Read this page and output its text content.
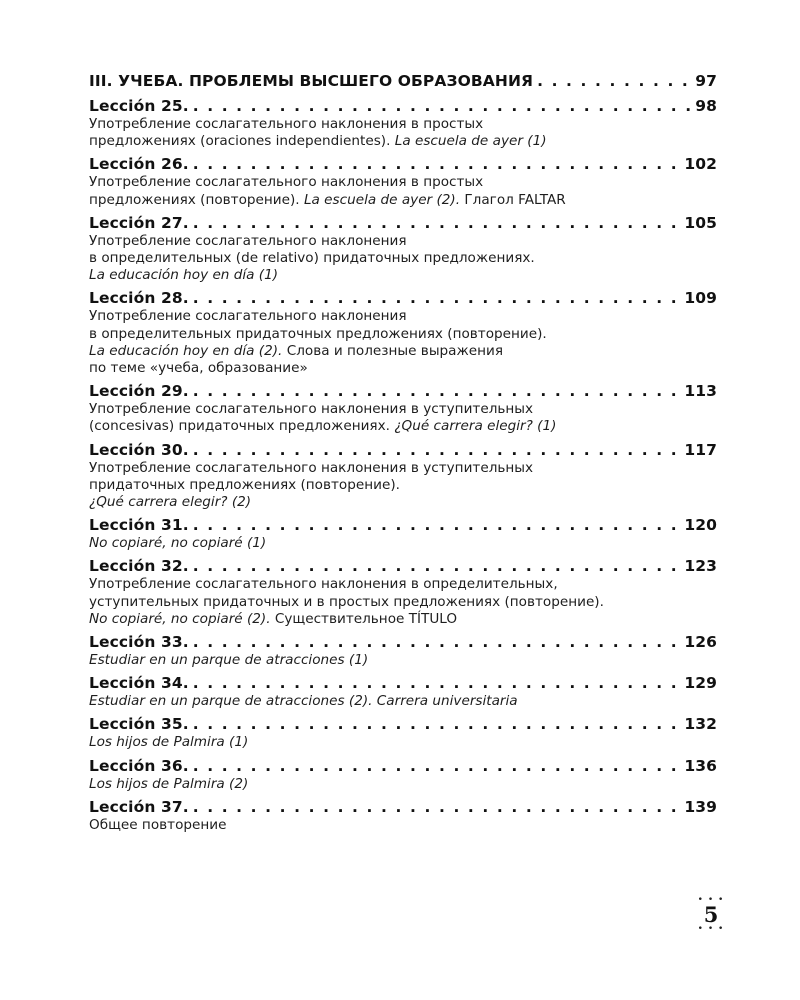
III. УЧЕБА. ПРОБЛЕМЫ ВЫСШЕГО ОБРАЗОВАНИЯ . . .	97
Lección 25. . . .	98
Употребление сослагательного наклонения в простых
предложениях (oraciones independientes). La escuela de ayer (1)
Lección 26. . . .	102
Употребление сослагательного наклонения в простых
предложениях (повторение). La escuela de ayer (2). Глагол FALTAR
Lección 27. . . .	105
Употребление сослагательного наклонения
в определительных (de relativo) придаточных предложениях.
La educación hoy en día (1)
Lección 28. . . .	109
Употребление сослагательного наклонения
в определительных придаточных предложениях (повторение).
La educación hoy en día (2). Слова и полезные выражения
по теме «учеба, образование»
Lección 29. . . .	113
Употребление сослагательного наклонения в уступительных
(concesivas) придаточных предложениях. ¿Qué carrera elegir? (1)
Lección 30. . . .	117
Употребление сослагательного наклонения в уступительных
придаточных предложениях (повторение).
¿Qué carrera elegir? (2)
Lección 31. . . .	120
No copiaré, no copiaré (1)
Lección 32. . . .	123
Употребление сослагательного наклонения в определительных,
уступительных придаточных и в простых предложениях (повторение).
No copiaré, no copiaré (2). Существительное TÍTULO
Lección 33. . . .	126
Estudiar en un parque de atracciones (1)
Lección 34. . . .	129
Estudiar en un parque de atracciones (2). Carrera universitaria
Lección 35. . . .	132
Los hijos de Palmira (1)
Lección 36. . . .	136
Los hijos de Palmira (2)
Lección 37. . . .	139
Общее повторение
• • •
5
• • •
